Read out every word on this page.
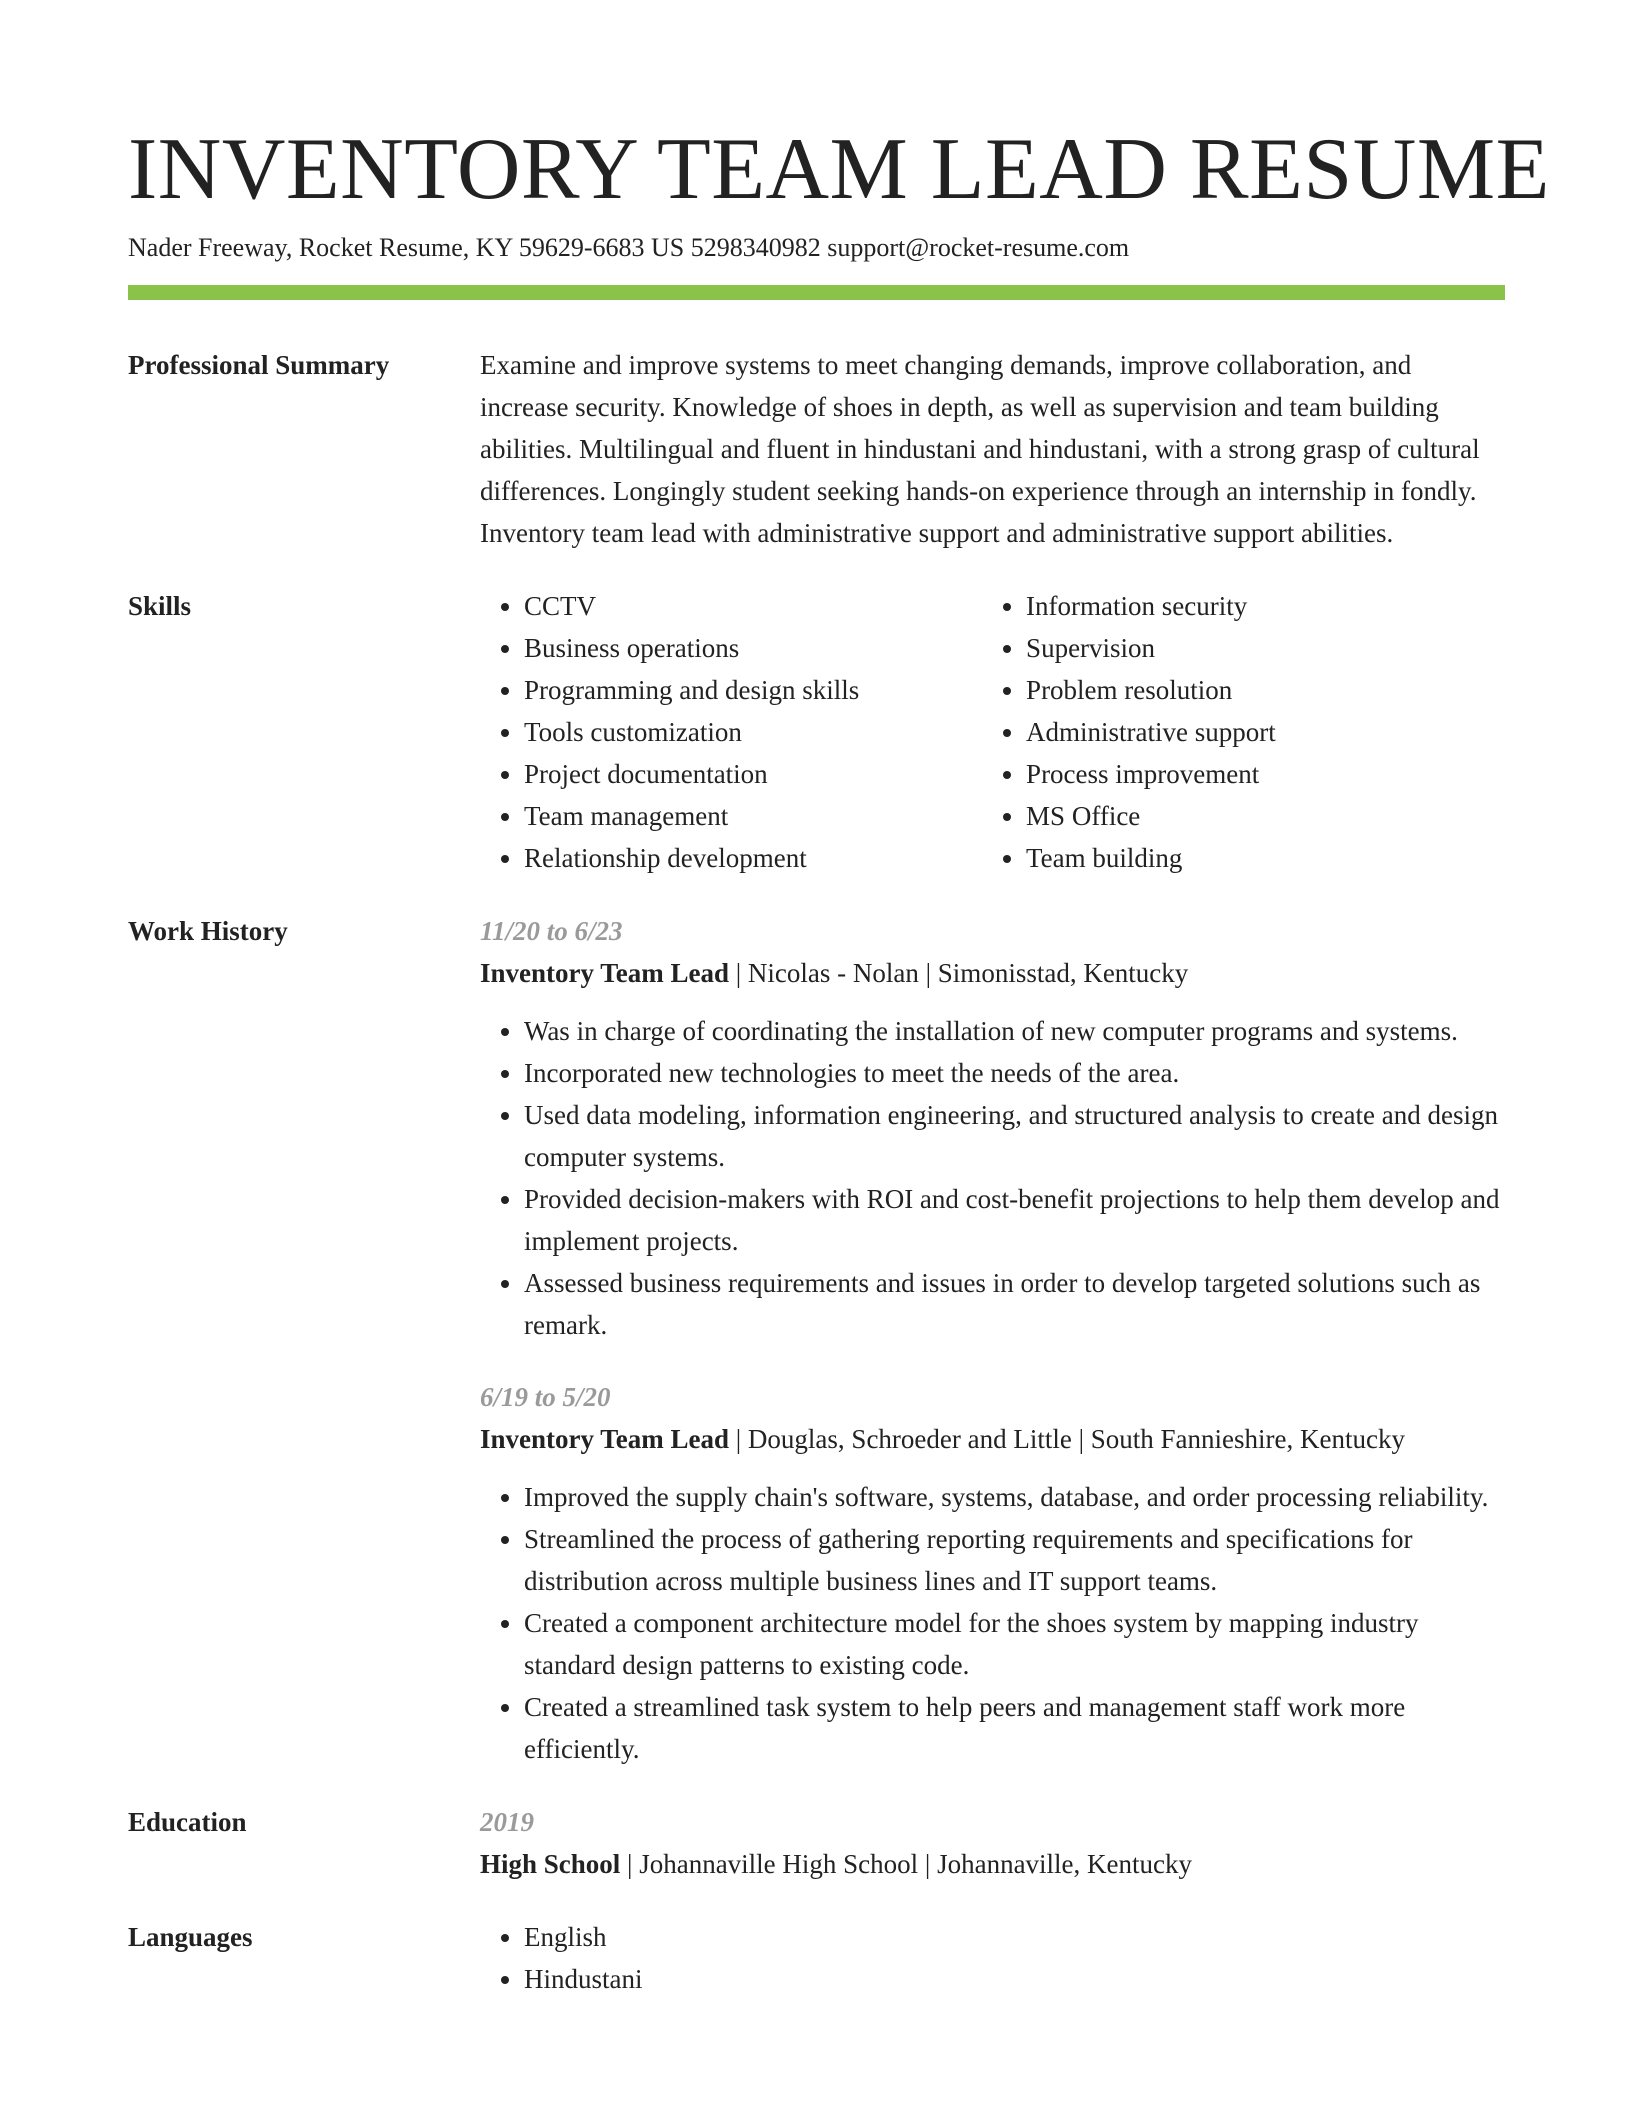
INVENTORY TEAM LEAD RESUME
Nader Freeway, Rocket Resume, KY 59629-6683 US 5298340982 support@rocket-resume.com
Professional Summary	Examine and improve systems to meet changing demands, improve collaboration, and increase security. Knowledge of shoes in depth, as well as supervision and team building abilities. Multilingual and fluent in hindustani and hindustani, with a strong grasp of cultural differences. Longingly student seeking hands-on experience through an internship in fondly. Inventory team lead with administrative support and administrative support abilities.

Skills	• CCTV
• Business operations
• Programming and design skills
• Tools customization
• Project documentation
• Team management
• Relationship development
• Information security
• Supervision
• Problem resolution
• Administrative support
• Process improvement
• MS Office
• Team building
Work History	11/20 to 6/23
Inventory Team Lead | Nicolas - Nolan | Simonisstad, Kentucky
• Was in charge of coordinating the installation of new computer programs and systems.
• Incorporated new technologies to meet the needs of the area.
• Used data modeling, information engineering, and structured analysis to create and design computer systems.
• Provided decision-makers with ROI and cost-benefit projections to help them develop and implement projects.
• Assessed business requirements and issues in order to develop targeted solutions such as remark.
6/19 to 5/20
Inventory Team Lead | Douglas, Schroeder and Little | South Fannieshire, Kentucky
• Improved the supply chain's software, systems, database, and order processing reliability.
• Streamlined the process of gathering reporting requirements and specifications for distribution across multiple business lines and IT support teams.
• Created a component architecture model for the shoes system by mapping industry standard design patterns to existing code.
• Created a streamlined task system to help peers and management staff work more efficiently.
Education	2019
High School | Johannaville High School | Johannaville, Kentucky
Languages	• English
• Hindustani
